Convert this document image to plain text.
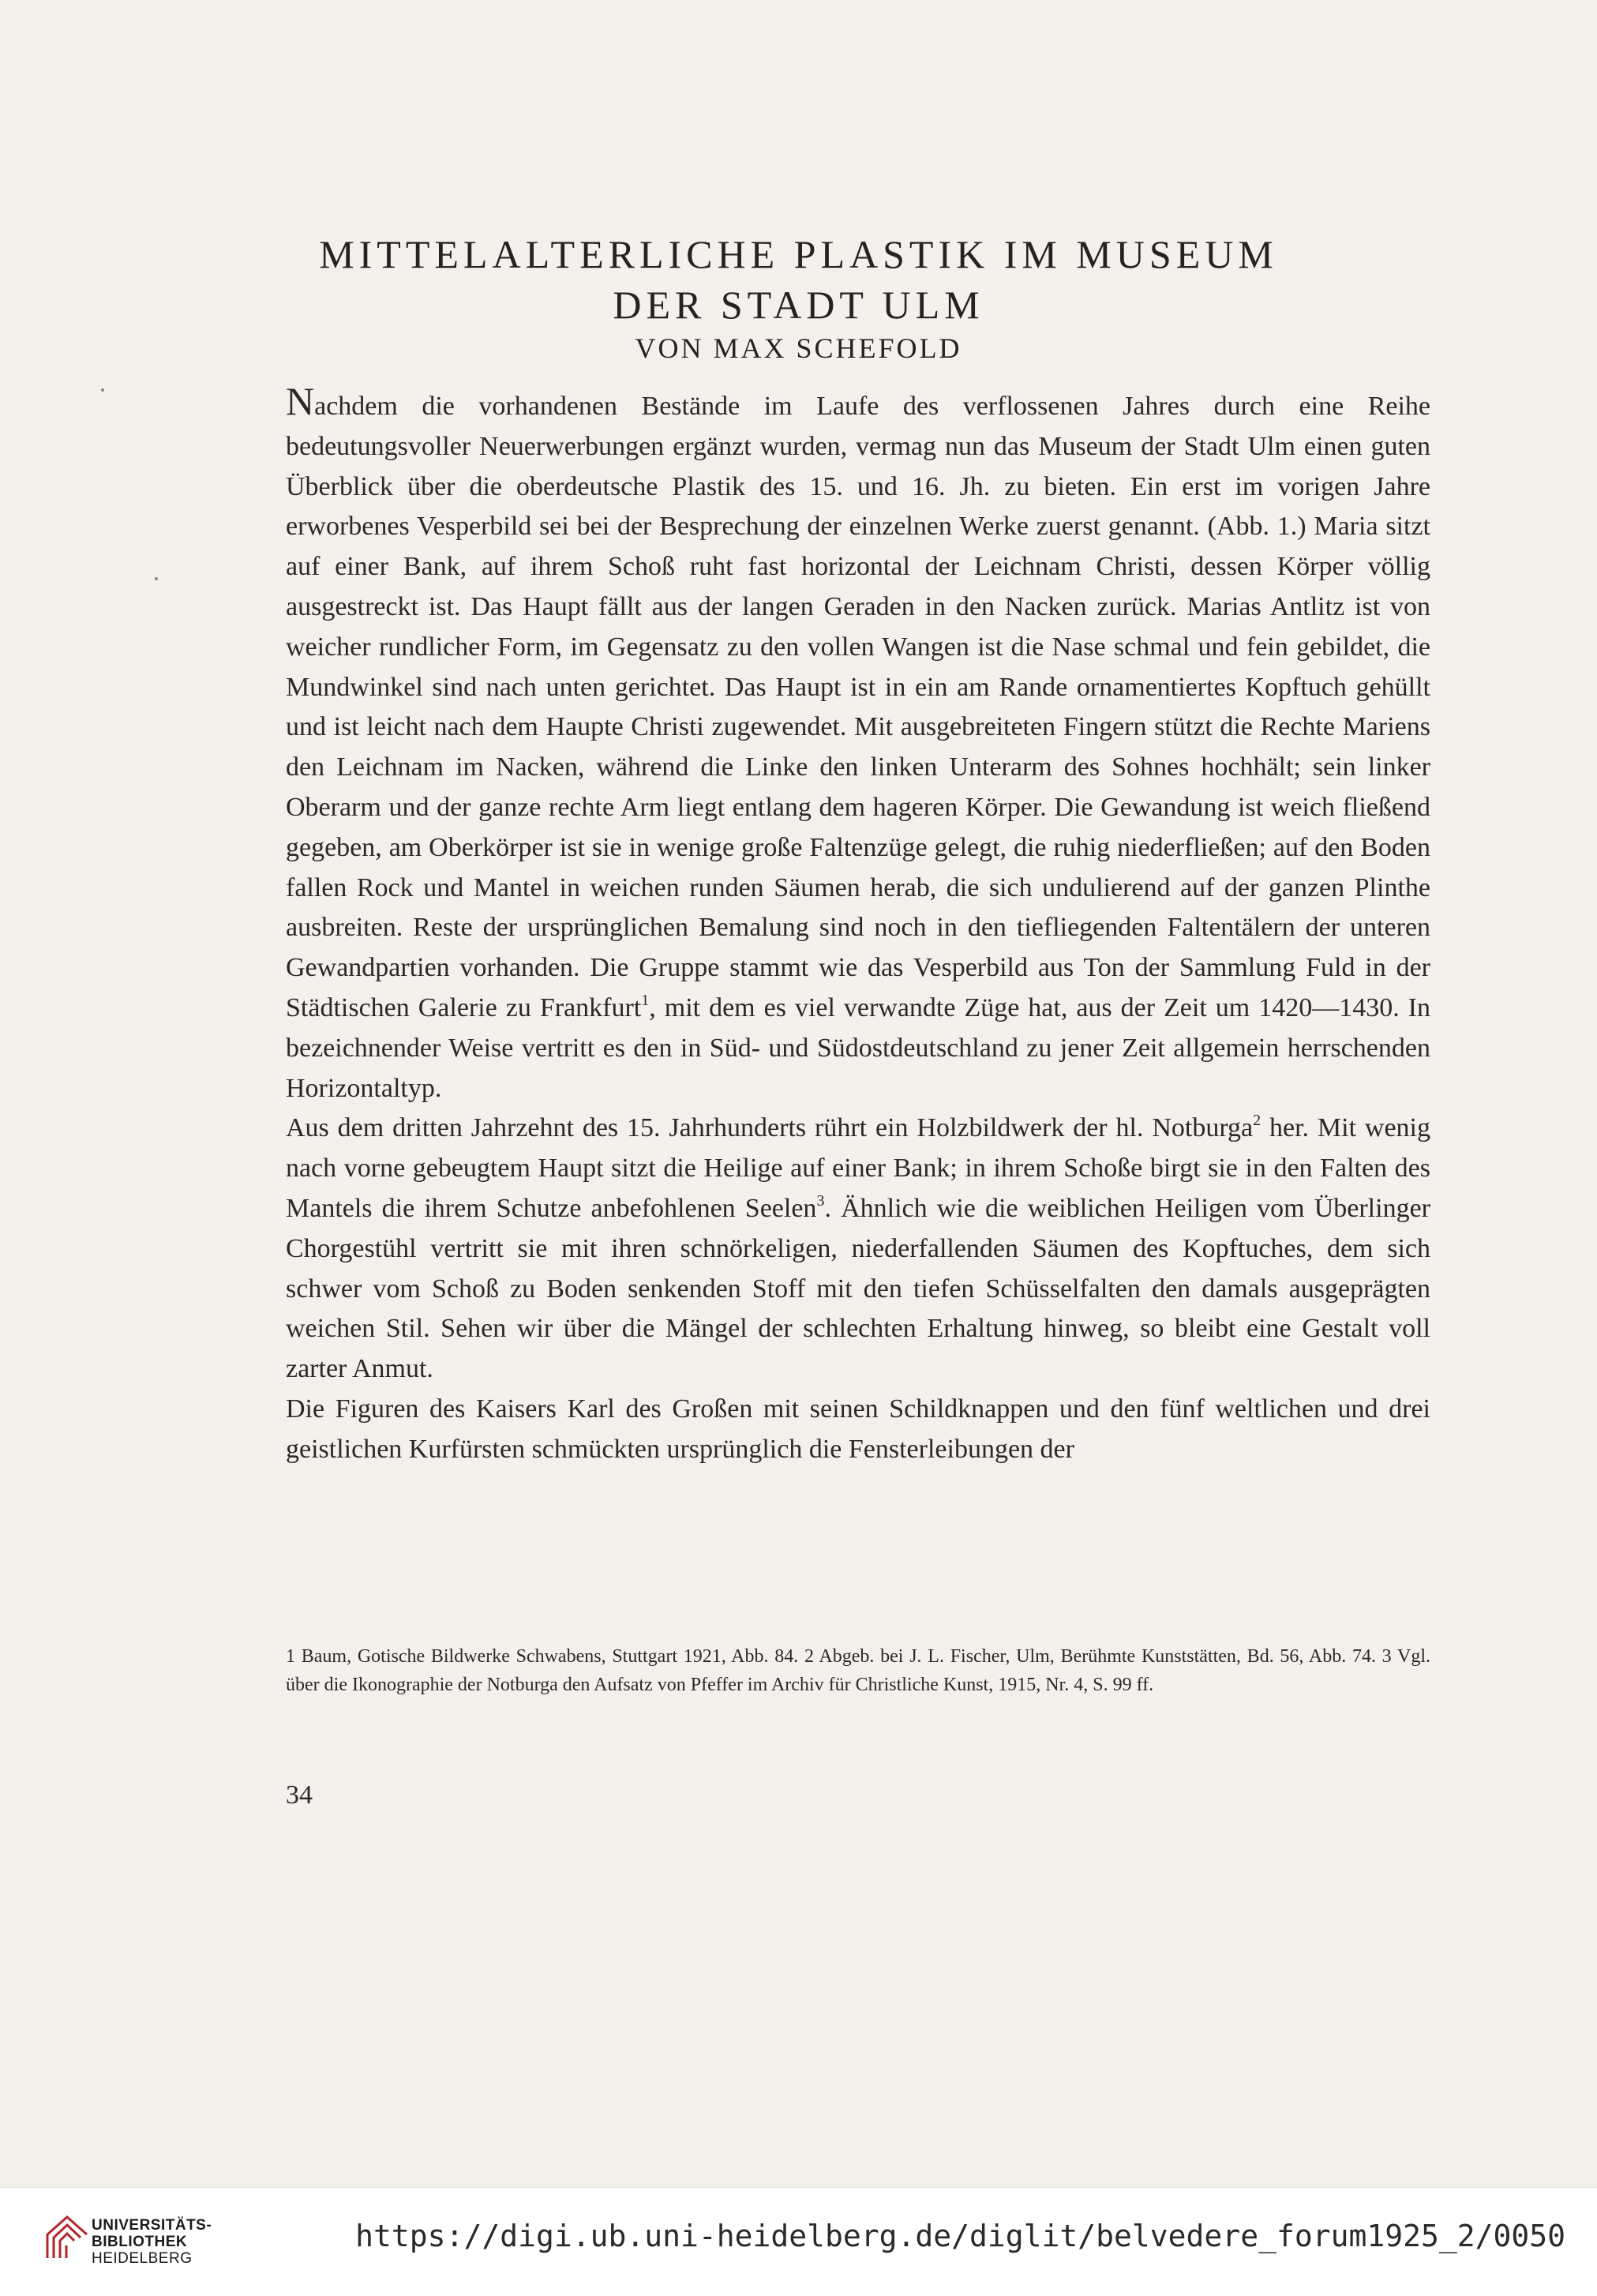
MITTELALTERLICHE PLASTIK IM MUSEUM
DER STADT ULM
VON MAX SCHEFOLD

Nachdem die vorhandenen Bestände im Laufe des verflossenen Jahres durch eine Reihe bedeutungsvoller Neuerwerbungen ergänzt wurden, vermag nun das Museum der Stadt Ulm einen guten Überblick über die oberdeutsche Plastik des 15. und 16. Jh. zu bieten. Ein erst im vorigen Jahre erworbenes Vesperbild sei bei der Besprechung der einzelnen Werke zuerst genannt. (Abb. 1.) Maria sitzt auf einer Bank, auf ihrem Schoß ruht fast horizontal der Leichnam Christi, dessen Körper völlig ausgestreckt ist. Das Haupt fällt aus der langen Geraden in den Nacken zurück. Marias Antlitz ist von weicher rundlicher Form, im Gegensatz zu den vollen Wangen ist die Nase schmal und fein gebildet, die Mundwinkel sind nach unten gerichtet. Das Haupt ist in ein am Rande ornamentiertes Kopftuch gehüllt und ist leicht nach dem Haupte Christi zugewendet. Mit ausgebreiteten Fingern stützt die Rechte Mariens den Leichnam im Nacken, während die Linke den linken Unterarm des Sohnes hochhält; sein linker Oberarm und der ganze rechte Arm liegt entlang dem hageren Körper. Die Gewandung ist weich fließend gegeben, am Oberkörper ist sie in wenige große Faltenzüge gelegt, die ruhig niederfließen; auf den Boden fallen Rock und Mantel in weichen runden Säumen herab, die sich undulierend auf der ganzen Plinthe ausbreiten. Reste der ursprünglichen Bemalung sind noch in den tiefliegenden Faltentälern der unteren Gewandpartien vorhanden. Die Gruppe stammt wie das Vesperbild aus Ton der Sammlung Fuld in der Städtischen Galerie zu Frankfurt$^1$, mit dem es viel verwandte Züge hat, aus der Zeit um 1420—1430. In bezeichnender Weise vertritt es den in Süd- und Südostdeutschland zu jener Zeit allgemein herrschenden Horizontaltyp.

Aus dem dritten Jahrzehnt des 15. Jahrhunderts rührt ein Holzbildwerk der hl. Notburga$^2$ her. Mit wenig nach vorne gebeugtem Haupt sitzt die Heilige auf einer Bank; in ihrem Schoße birgt sie in den Falten des Mantels die ihrem Schutze anbefohlenen Seelen$^3$. Ähnlich wie die weiblichen Heiligen vom Überlinger Chorgestühl vertritt sie mit ihren schnörkeligen, niederfallenden Säumen des Kopftuches, dem sich schwer vom Schoß zu Boden senkenden Stoff mit den tiefen Schüsselfalten den damals ausgeprägten weichen Stil. Sehen wir über die Mängel der schlechten Erhaltung hinweg, so bleibt eine Gestalt voll zarter Anmut.

Die Figuren des Kaisers Karl des Großen mit seinen Schildknappen und den fünf weltlichen und drei geistlichen Kurfürsten schmückten ursprünglich die Fensterleibungen der

1 Baum, Gotische Bildwerke Schwabens, Stuttgart 1921, Abb. 84. 2 Abgeb. bei J. L. Fischer, Ulm, Berühmte Kunststätten, Bd. 56, Abb. 74. 3 Vgl. über die Ikonographie der Notburga den Aufsatz von Pfeffer im Archiv für Christliche Kunst, 1915, Nr. 4, S. 99 ff.
34
UNIVERSITÄTS-
BIBLIOTHEK
HEIDELBERG
https://digi.ub.uni-heidelberg.de/diglit/belvedere_forum1925_2/0050
